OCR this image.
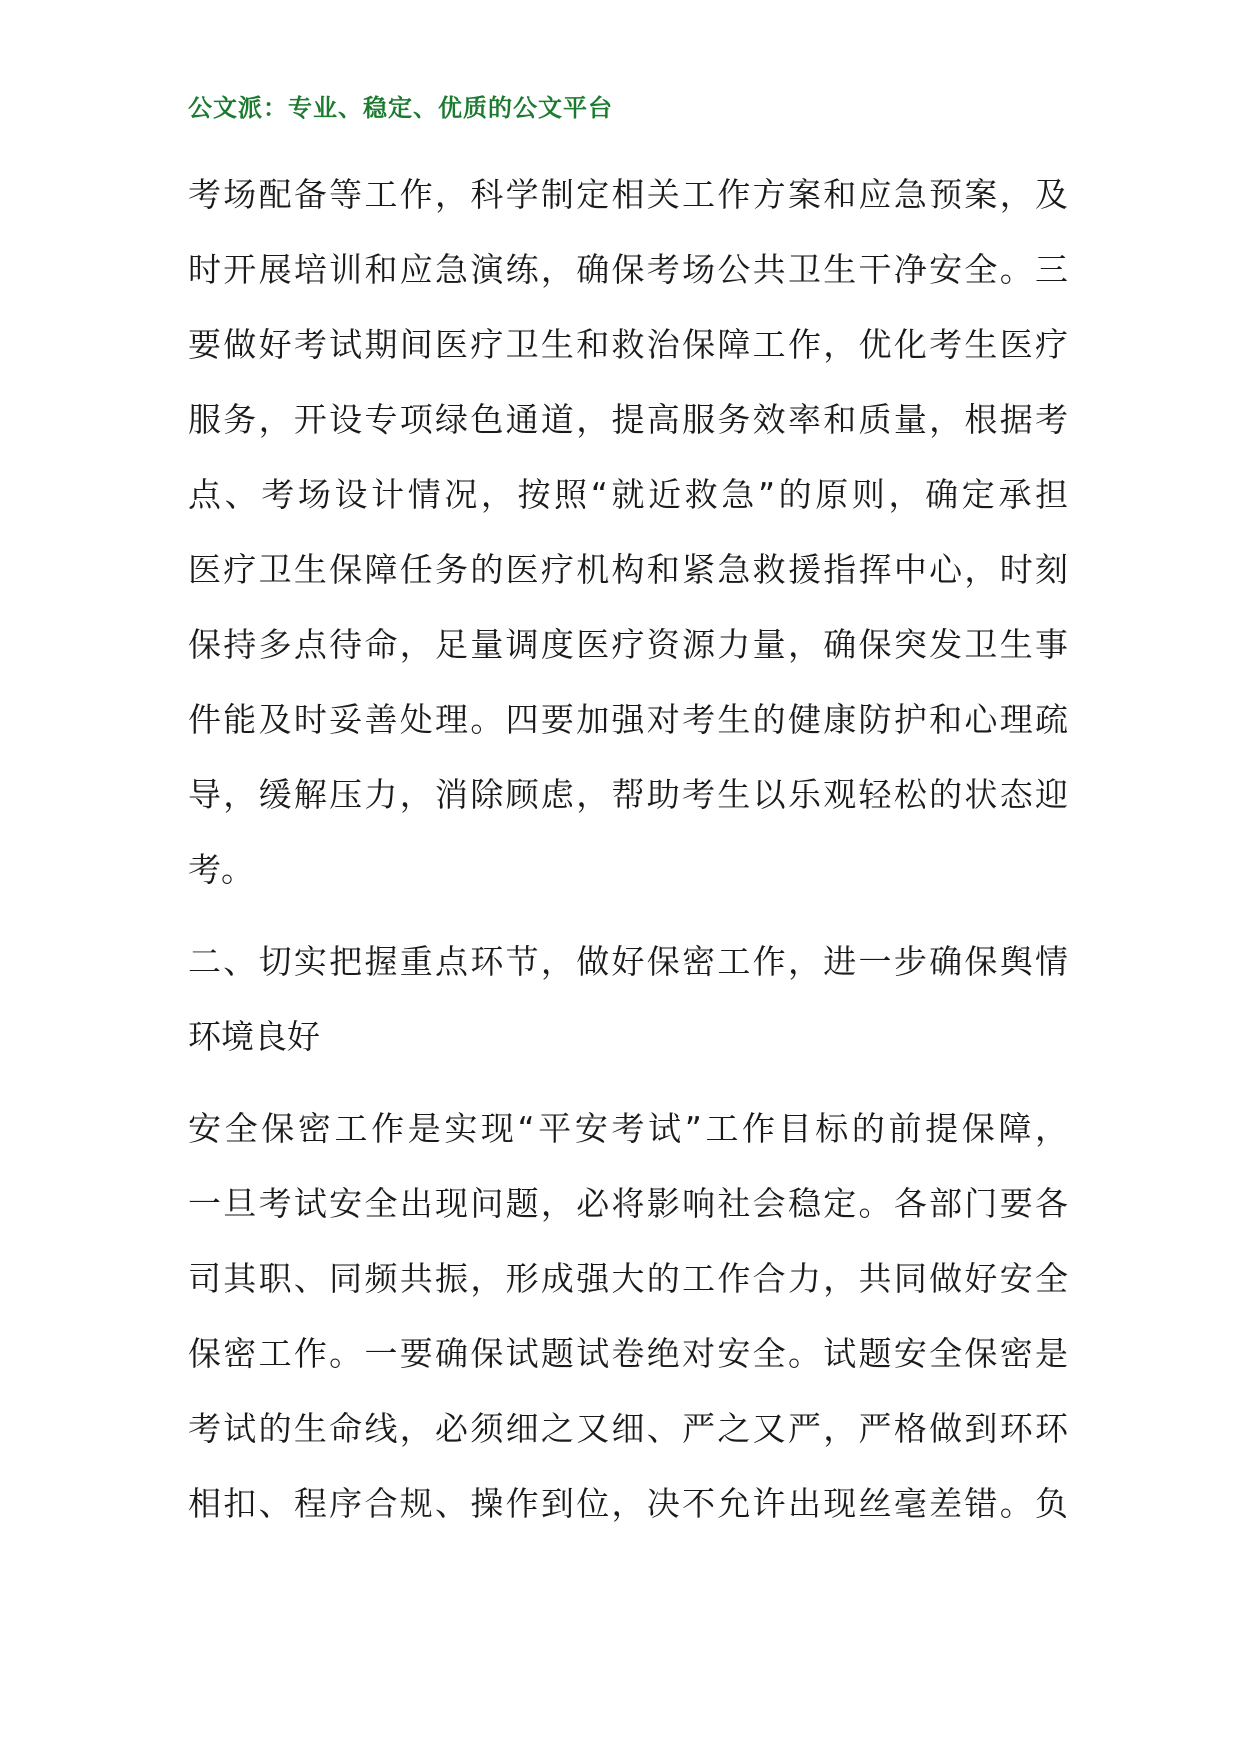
公文派：专业、稳定、优质的公文平台
考场配备等工作，科学制定相关工作方案和应急预案，及
时开展培训和应急演练，确保考场公共卫生干净安全。三
要做好考试期间医疗卫生和救治保障工作，优化考生医疗
服务，开设专项绿色通道，提高服务效率和质量，根据考
点、考场设计情况，按照“就近救急”的原则，确定承担
医疗卫生保障任务的医疗机构和紧急救援指挥中心，时刻
保持多点待命，足量调度医疗资源力量，确保突发卫生事
件能及时妥善处理。四要加强对考生的健康防护和心理疏
导，缓解压力，消除顾虑，帮助考生以乐观轻松的状态迎
考。
二、切实把握重点环节，做好保密工作，进一步确保舆情
环境良好
安全保密工作是实现“平安考试”工作目标的前提保障，
一旦考试安全出现问题，必将影响社会稳定。各部门要各
司其职、同频共振，形成强大的工作合力，共同做好安全
保密工作。一要确保试题试卷绝对安全。试题安全保密是
考试的生命线，必须细之又细、严之又严，严格做到环环
相扣、程序合规、操作到位，决不允许出现丝毫差错。负
